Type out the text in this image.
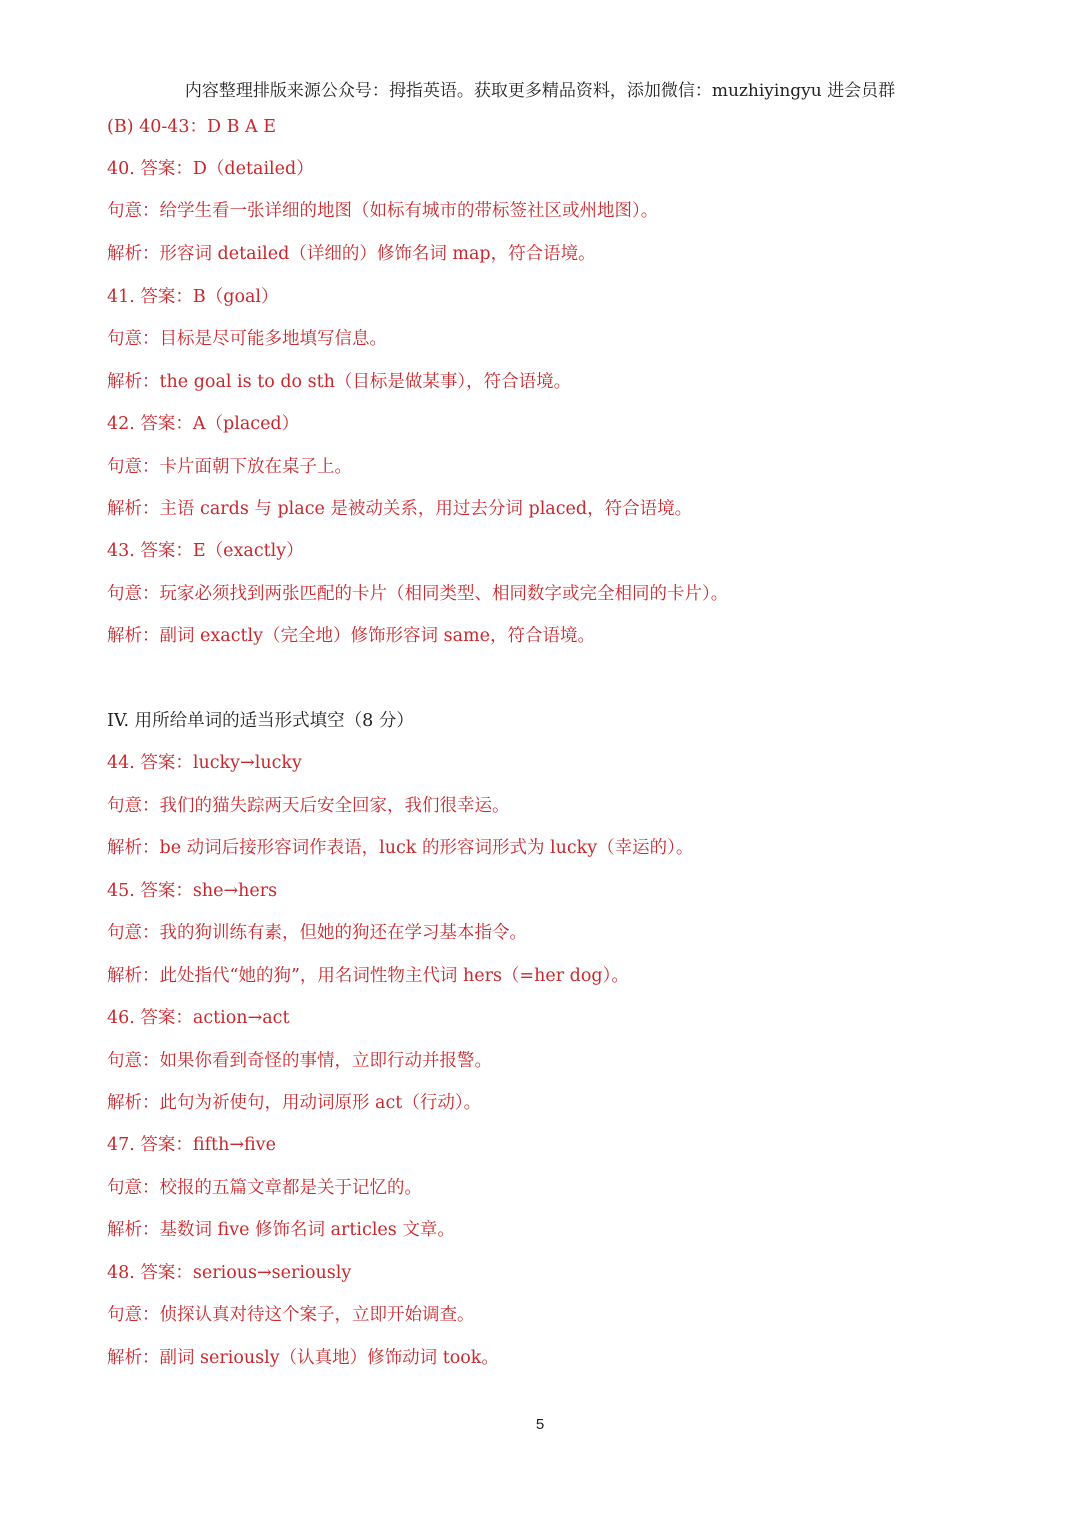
内容整理排版来源公众号：拇指英语。获取更多精品资料，添加微信：muzhiyingyu 进会员群
(B) 40-43：D B A E
40. 答案：D（detailed）
句意：给学生看一张详细的地图（如标有城市的带标签社区或州地图）。
解析：形容词 detailed（详细的）修饰名词 map，符合语境。
41. 答案：B（goal）
句意：目标是尽可能多地填写信息。
解析：the goal is to do sth（目标是做某事），符合语境。
42. 答案：A（placed）
句意：卡片面朝下放在桌子上。
解析：主语 cards 与 place 是被动关系，用过去分词 placed，符合语境。
43. 答案：E（exactly）
句意：玩家必须找到两张匹配的卡片（相同类型、相同数字或完全相同的卡片）。
解析：副词 exactly（完全地）修饰形容词 same，符合语境。
IV. 用所给单词的适当形式填空（8 分）
44. 答案：lucky→lucky
句意：我们的猫失踪两天后安全回家，我们很幸运。
解析：be 动词后接形容词作表语，luck 的形容词形式为 lucky（幸运的）。
45. 答案：she→hers
句意：我的狗训练有素，但她的狗还在学习基本指令。
解析：此处指代“她的狗”，用名词性物主代词 hers（=her dog）。
46. 答案：action→act
句意：如果你看到奇怪的事情，立即行动并报警。
解析：此句为祈使句，用动词原形 act（行动）。
47. 答案：fifth→five
句意：校报的五篇文章都是关于记忆的。
解析：基数词 five 修饰名词 articles 文章。
48. 答案：serious→seriously
句意：侦探认真对待这个案子，立即开始调查。
解析：副词 seriously（认真地）修饰动词 took。
5
